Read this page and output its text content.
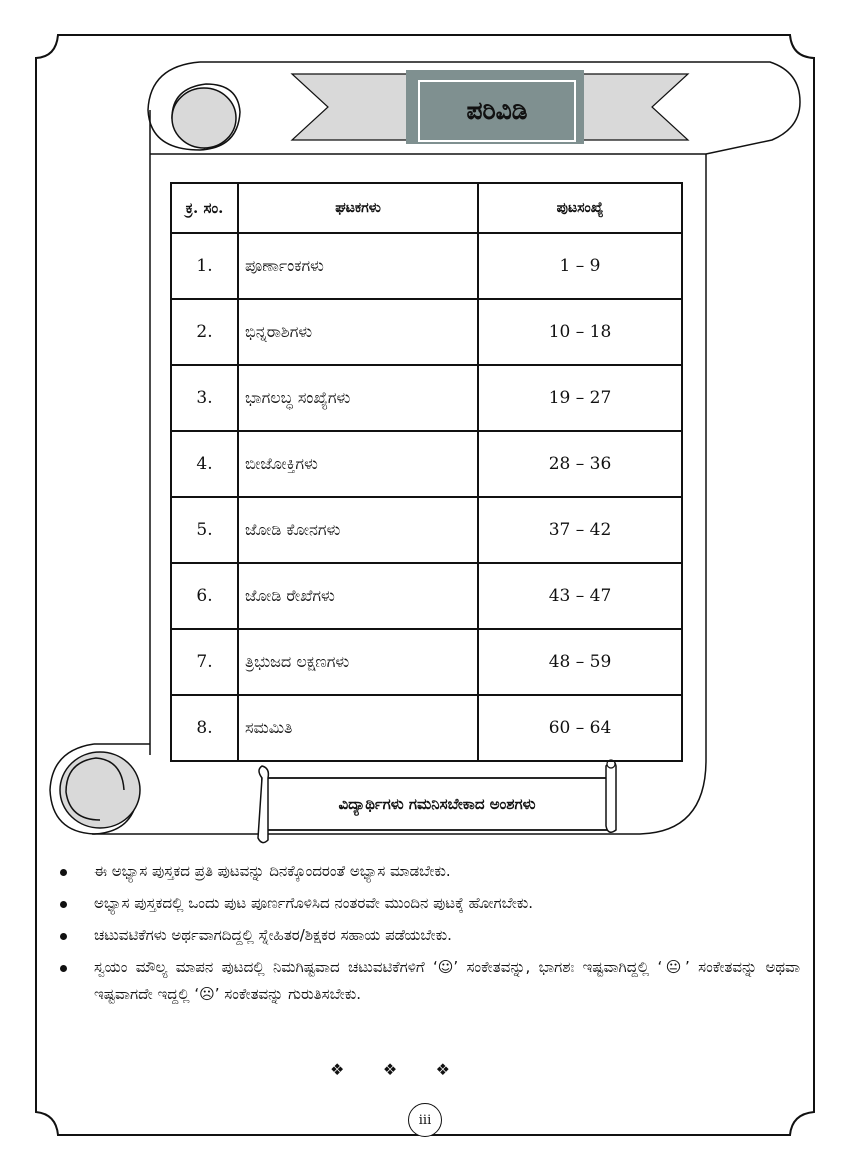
ಪರಿವಿಡಿ
ಕ್ರ. ಸಂ.	ಘಟಕಗಳು	ಪುಟಸಂಖ್ಯೆ
1.	ಪೂರ್ಣಾಂಕಗಳು	1 – 9
2.	ಭಿನ್ನರಾಶಿಗಳು	10 – 18
3.	ಭಾಗಲಬ್ಧ ಸಂಖ್ಯೆಗಳು	19 – 27
4.	ಬೀಜೋಕ್ತಿಗಳು	28 – 36
5.	ಜೋಡಿ ಕೋನಗಳು	37 – 42
6.	ಜೋಡಿ ರೇಖೆಗಳು	43 – 47
7.	ತ್ರಿಭುಜದ ಲಕ್ಷಣಗಳು	48 – 59
8.	ಸಮಮಿತಿ	60 – 64
ವಿದ್ಯಾರ್ಥಿಗಳು ಗಮನಿಸಬೇಕಾದ ಅಂಶಗಳು
ಈ ಅಭ್ಯಾಸ ಪುಸ್ತಕದ ಪ್ರತಿ ಪುಟವನ್ನು ದಿನಕ್ಕೊಂದರಂತೆ ಅಭ್ಯಾಸ ಮಾಡಬೇಕು.
ಅಭ್ಯಾಸ ಪುಸ್ತಕದಲ್ಲಿ ಒಂದು ಪುಟ ಪೂರ್ಣಗೊಳಿಸಿದ ನಂತರವೇ ಮುಂದಿನ ಪುಟಕ್ಕೆ ಹೋಗಬೇಕು.
ಚಟುವಟಿಕೆಗಳು ಅರ್ಥವಾಗದಿದ್ದಲ್ಲಿ ಸ್ನೇಹಿತರ/ಶಿಕ್ಷಕರ ಸಹಾಯ ಪಡೆಯಬೇಕು.
ಸ್ವಯಂ ಮೌಲ್ಯ ಮಾಪನ ಪುಟದಲ್ಲಿ ನಿಮಗಿಷ್ಟವಾದ ಚಟುವಟಿಕೆಗಳಿಗೆ ‘☺’ ಸಂಕೇತವನ್ನು, ಭಾಗಶಃ ಇಷ್ಟವಾಗಿದ್ದಲ್ಲಿ ‘😐’ ಸಂಕೇತವನ್ನು ಅಥವಾ ಇಷ್ಟವಾಗದೇ ಇದ್ದಲ್ಲಿ ‘☹’ ಸಂಕೇತವನ್ನು ಗುರುತಿಸಬೇಕು.
❖ ❖ ❖
iii
